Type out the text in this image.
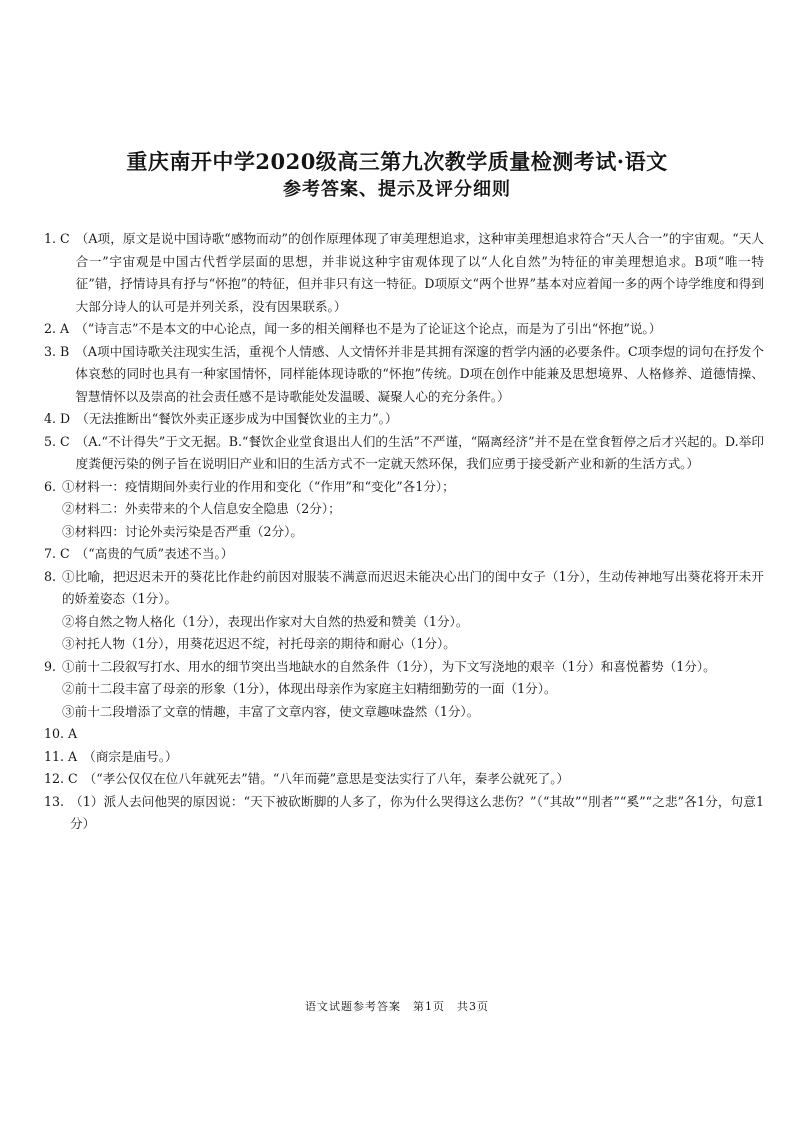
重庆南开中学2020级高三第九次教学质量检测考试·语文
参考答案、提示及评分细则
1. C （A项，原文是说中国诗歌“感物而动”的创作原理体现了审美理想追求，这种审美理想追求符合“天人合一”的宇宙观。“天人合一”宇宙观是中国古代哲学层面的思想，并非说这种宇宙观体现了以“人化自然”为特征的审美理想追求。B项“唯一特征”错，抒情诗具有抒与“怀抱”的特征，但并非只有这一特征。D项原文“两个世界”基本对应着闻一多的两个诗学维度和得到大部分诗人的认可是并列关系，没有因果联系。）
2. A （“诗言志”不是本文的中心论点，闻一多的相关阐释也不是为了论证这个论点，而是为了引出“怀抱”说。）
3. B （A项中国诗歌关注现实生活，重视个人情感、人文情怀并非是其拥有深邃的哲学内涵的必要条件。C项李煜的词句在抒发个体哀愁的同时也具有一种家国情怀，同样能体现诗歌的“怀抱”传统。D项在创作中能兼及思想境界、人格修养、道德情操、智慧情怀以及崇高的社会责任感不是诗歌能处发温暖、凝聚人心的充分条件。）
4. D （无法推断出“餐饮外卖正逐步成为中国餐饮业的主力”。）
5. C （A.“不计得失”于文无据。B.“餐饮企业堂食退出人们的生活”不严谨，“隔离经济”并不是在堂食暂停之后才兴起的。D.举印度粪便污染的例子旨在说明旧产业和旧的生活方式不一定就天然环保，我们应勇于接受新产业和新的生活方式。）
6. ①材料一：疫情期间外卖行业的作用和变化（“作用”和“变化”各1分）；
②材料二：外卖带来的个人信息安全隐患（2分）；
③材料四：讨论外卖污染是否严重（2分）。
7. C （“高贵的气质”表述不当。）
8. ①比喻，把迟迟未开的葵花比作赴约前因对服装不满意而迟迟未能决心出门的闺中女子（1分），生动传神地写出葵花将开未开的娇羞姿态（1分）。
②将自然之物人格化（1分），表现出作家对大自然的热爱和赞美（1分）。
③衬托人物（1分），用葵花迟迟不绽，衬托母亲的期待和耐心（1分）。
9. ①前十二段叙写打水、用水的细节突出当地缺水的自然条件（1分），为下文写浇地的艰辛（1分）和喜悦蓄势（1分）。
②前十二段丰富了母亲的形象（1分），体现出母亲作为家庭主妇精细勤劳的一面（1分）。
③前十二段增添了文章的情趣，丰富了文章内容，使文章趣味盎然（1分）。
10. A
11. A （商宗是庙号。）
12. C （“孝公仅仅在位八年就死去”错。“八年而薨”意思是变法实行了八年，秦孝公就死了。）
13. （1）派人去问他哭的原因说：“天下被砍断脚的人多了，你为什么哭得这么悲伤？”（“其故”“刖者”“奚”“之悲”各1分，句意1分）
语文试题参考答案　第1页　共3页
